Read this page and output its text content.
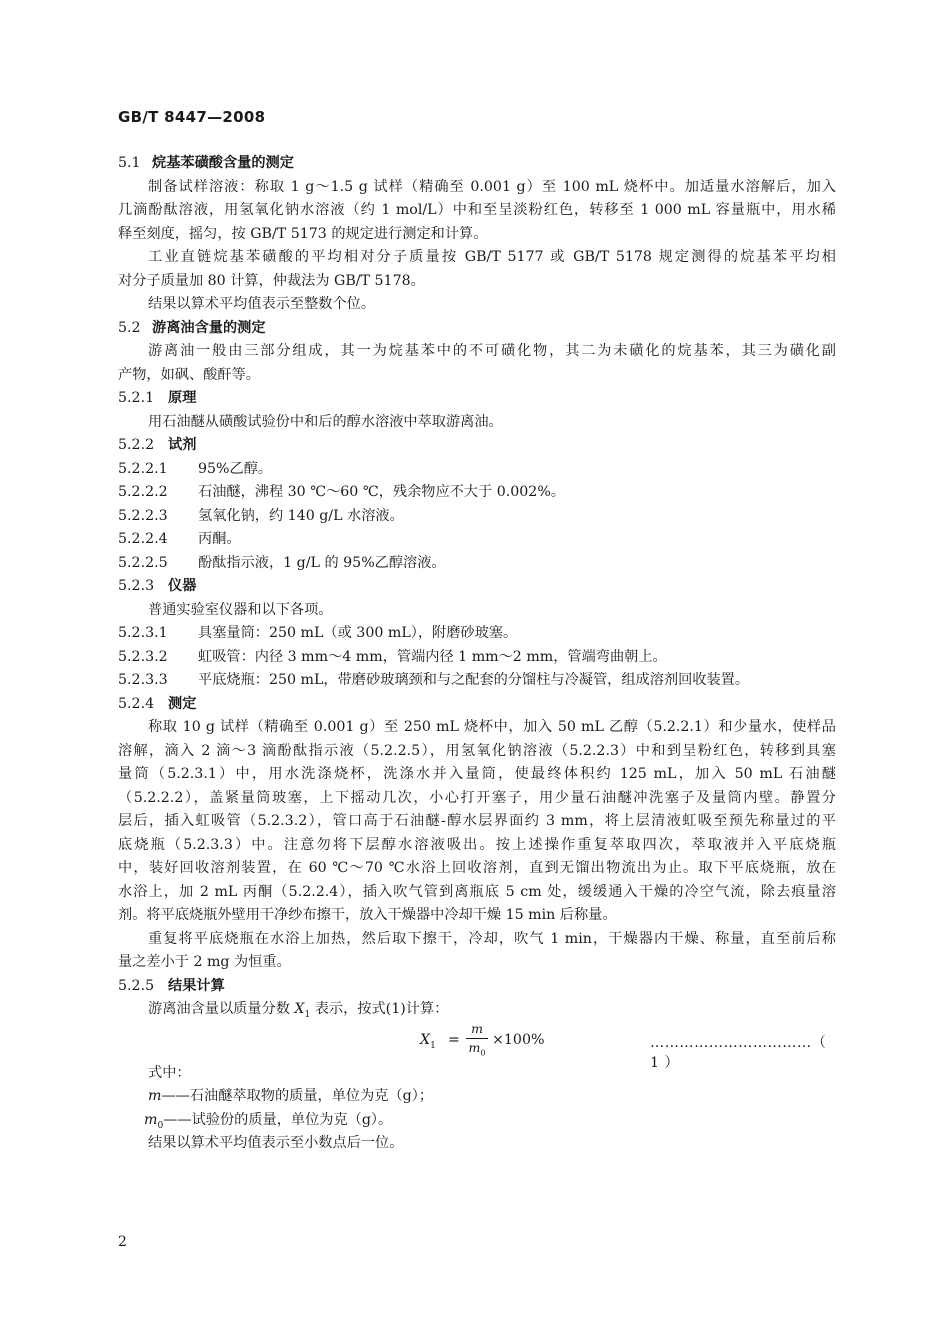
GB/T 8447—2008
5.1 烷基苯磺酸含量的测定
制备试样溶液：称取 1 g～1.5 g 试样（精确至 0.001 g）至 100 mL 烧杯中。加适量水溶解后，加入
几滴酚酞溶液，用氢氧化钠水溶液（约 1 mol/L）中和至呈淡粉红色，转移至 1 000 mL 容量瓶中，用水稀
释至刻度，摇匀，按 GB/T 5173 的规定进行测定和计算。
工业直链烷基苯磺酸的平均相对分子质量按 GB/T 5177 或 GB/T 5178 规定测得的烷基苯平均相
对分子质量加 80 计算，仲裁法为 GB/T 5178。
结果以算术平均值表示至整数个位。
5.2 游离油含量的测定
游离油一般由三部分组成，其一为烷基苯中的不可磺化物，其二为未磺化的烷基苯，其三为磺化副
产物，如砜、酸酐等。
5.2.1 原理
用石油醚从磺酸试验份中和后的醇水溶液中萃取游离油。
5.2.2 试剂
5.2.2.1 95%乙醇。
5.2.2.2 石油醚，沸程 30 ℃～60 ℃，残余物应不大于 0.002%。
5.2.2.3 氢氧化钠，约 140 g/L 水溶液。
5.2.2.4 丙酮。
5.2.2.5 酚酞指示液，1 g/L 的 95%乙醇溶液。
5.2.3 仪器
普通实验室仪器和以下各项。
5.2.3.1 具塞量筒：250 mL（或 300 mL），附磨砂玻塞。
5.2.3.2 虹吸管：内径 3 mm～4 mm，管端内径 1 mm～2 mm，管端弯曲朝上。
5.2.3.3 平底烧瓶：250 mL，带磨砂玻璃颈和与之配套的分馏柱与冷凝管，组成溶剂回收装置。
5.2.4 测定
称取 10 g 试样（精确至 0.001 g）至 250 mL 烧杯中，加入 50 mL 乙醇（5.2.2.1）和少量水，使样品
溶解，滴入 2 滴～3 滴酚酞指示液（5.2.2.5），用氢氧化钠溶液（5.2.2.3）中和到呈粉红色，转移到具塞
量筒（5.2.3.1）中，用水洗涤烧杯，洗涤水并入量筒，使最终体积约 125 mL，加入 50 mL 石油醚
（5.2.2.2），盖紧量筒玻塞，上下摇动几次，小心打开塞子，用少量石油醚冲洗塞子及量筒内壁。静置分
层后，插入虹吸管（5.2.3.2），管口高于石油醚-醇水层界面约 3 mm，将上层清液虹吸至预先称量过的平
底烧瓶（5.2.3.3）中。注意勿将下层醇水溶液吸出。按上述操作重复萃取四次，萃取液并入平底烧瓶
中，装好回收溶剂装置，在 60 ℃～70 ℃水浴上回收溶剂，直到无馏出物流出为止。取下平底烧瓶，放在
水浴上，加 2 mL 丙酮（5.2.2.4），插入吹气管到离瓶底 5 cm 处，缓缓通入干燥的冷空气流，除去痕量溶
剂。将平底烧瓶外壁用干净纱布擦干，放入干燥器中冷却干燥 15 min 后称量。
重复将平底烧瓶在水浴上加热，然后取下擦干，冷却，吹气 1 min，干燥器内干燥、称量，直至前后称
量之差小于 2 mg 为恒重。
5.2.5 结果计算
游离油含量以质量分数 $X_1$ 表示，按式(1)计算：
$X_1 = \frac{m}{m_0} \times 100\%$	……………………………（ 1 ）
式中：
m——石油醚萃取物的质量，单位为克（g）；
$m_0——$试验份的质量，单位为克（g）。
结果以算术平均值表示至小数点后一位。
2
